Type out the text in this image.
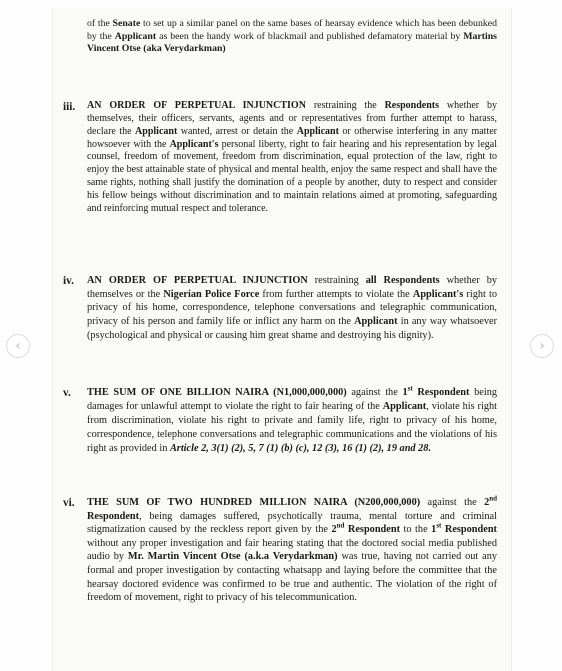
of the Senate to set up a similar panel on the same bases of hearsay evidence which has been debunked by the Applicant as been the handy work of blackmail and published defamatory material by Martins Vincent Otse (aka Verydarkman)

iii. AN ORDER OF PERPETUAL INJUNCTION restraining the Respondents whether by themselves, their officers, servants, agents and or representatives from further attempt to harass, declare the Applicant wanted, arrest or detain the Applicant or otherwise interfering in any matter howsoever with the Applicant's personal liberty, right to fair hearing and his representation by legal counsel, freedom of movement, freedom from discrimination, equal protection of the law, right to enjoy the best attainable state of physical and mental health, enjoy the same respect and shall have the same rights, nothing shall justify the domination of a people by another, duty to respect and consider his fellow beings without discrimination and to maintain relations aimed at promoting, safeguarding and reinforcing mutual respect and tolerance.

iv. AN ORDER OF PERPETUAL INJUNCTION restraining all Respondents whether by themselves or the Nigerian Police Force from further attempts to violate the Applicant's right to privacy of his home, correspondence, telephone conversations and telegraphic communication, privacy of his person and family life or inflict any harm on the Applicant in any way whatsoever (psychological and physical or causing him great shame and destroying his dignity).

v. THE SUM OF ONE BILLION NAIRA (N1,000,000,000) against the 1st Respondent being damages for unlawful attempt to violate the right to fair hearing of the Applicant, violate his right from discrimination, violate his right to private and family life, right to privacy of his home, correspondence, telephone conversations and telegraphic communications and the violations of his right as provided in Article 2, 3(1) (2), 5, 7 (1) (b) (c), 12 (3), 16 (1) (2), 19 and 28.

vi. THE SUM OF TWO HUNDRED MILLION NAIRA (N200,000,000) against the 2nd Respondent, being damages suffered, psychotically trauma, mental torture and criminal stigmatization caused by the reckless report given by the 2nd Respondent to the 1st Respondent without any proper investigation and fair hearing stating that the doctored social media published audio by Mr. Martin Vincent Otse (a.k.a Verydarkman) was true, having not carried out any formal and proper investigation by contacting whatsapp and laying before the committee that the hearsay doctored evidence was confirmed to be true and authentic. The violation of the right of freedom of movement, right to privacy of his telecommunication.

‹	›
